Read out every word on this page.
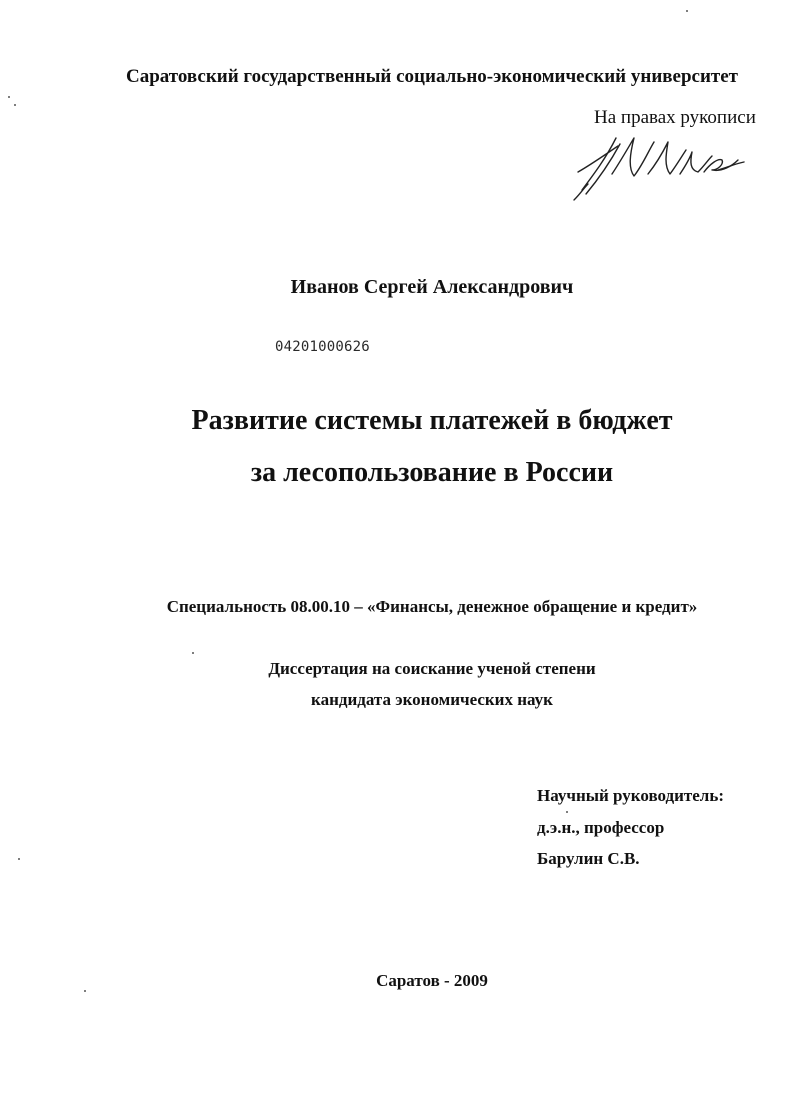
Саратовский государственный социально-экономический университет
На правах рукописи
Иванов Сергей Александрович
04201000626
Развитие системы платежей в бюджет
за лесопользование в России
Специальность 08.00.10 – «Финансы, денежное обращение и кредит»
Диссертация на соискание ученой степени
кандидата экономических наук
Научный руководитель:
д.э.н., профессор
Барулин С.В.
Саратов - 2009
